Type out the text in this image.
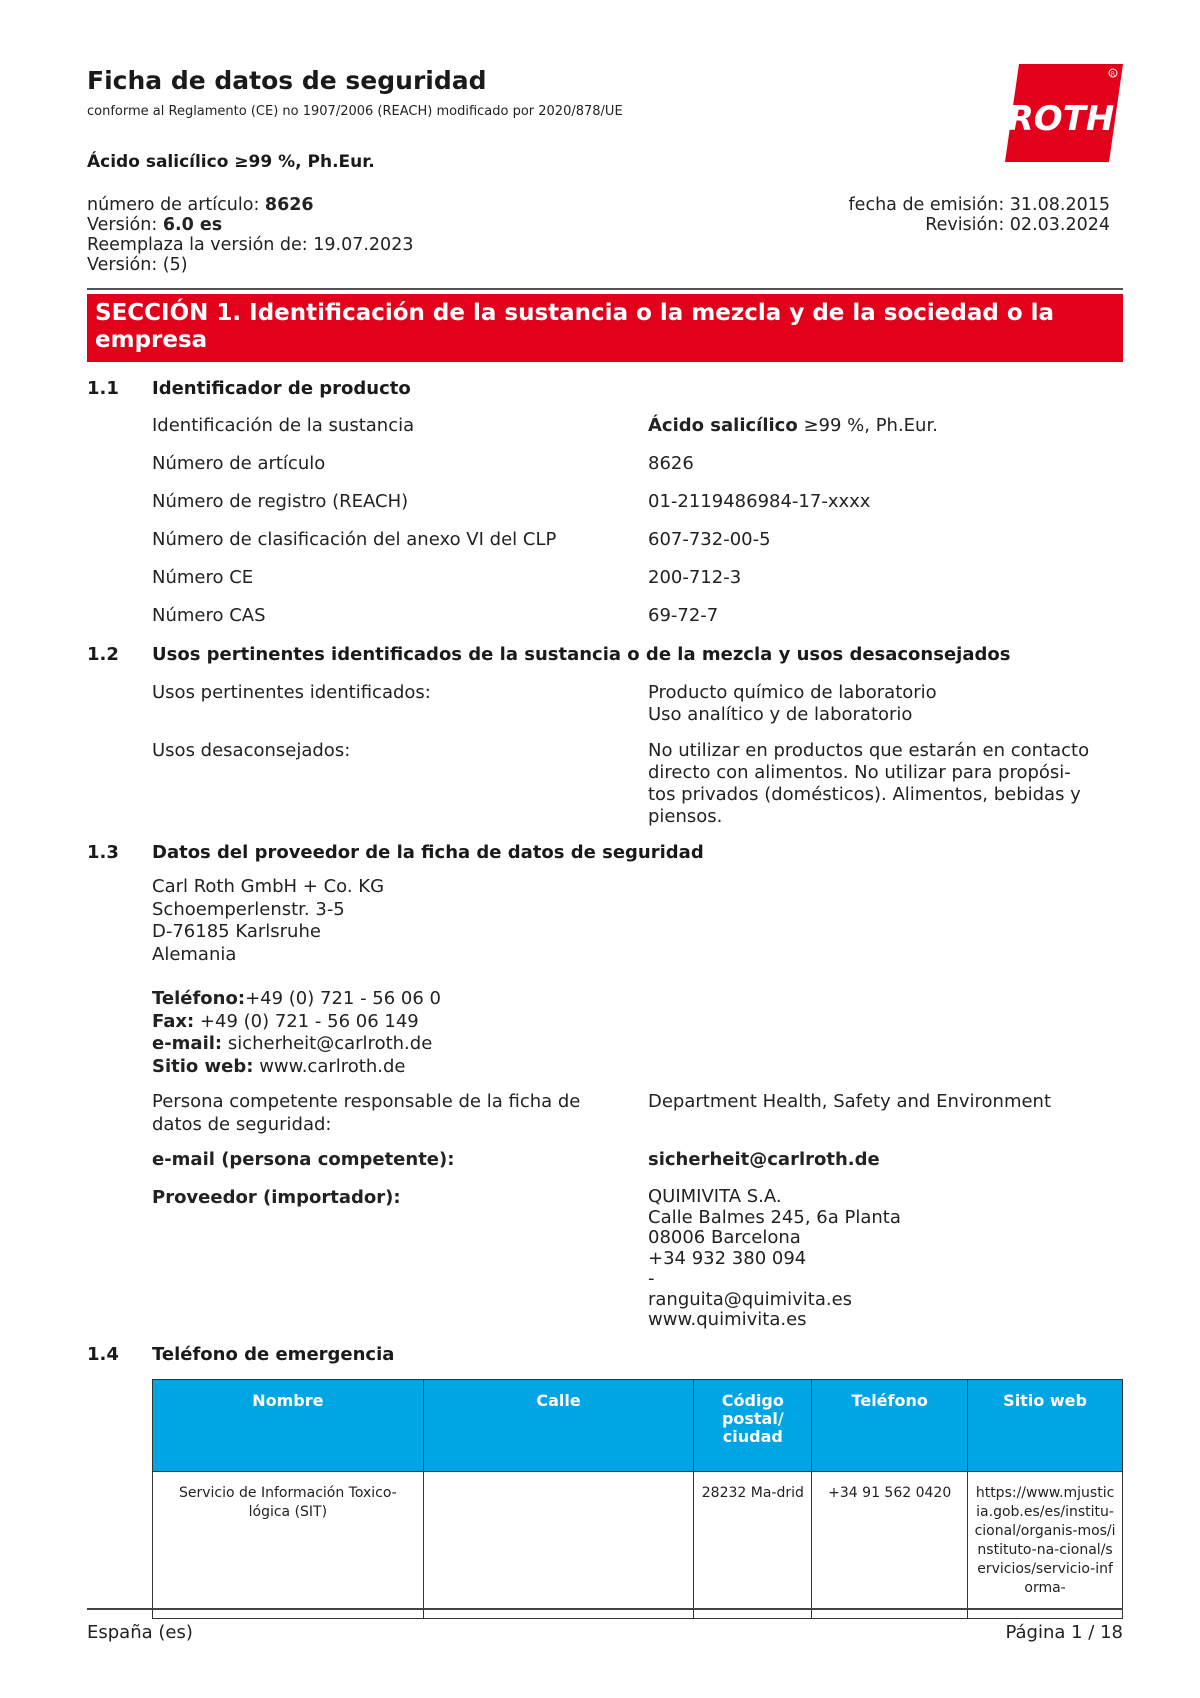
Ficha de datos de seguridad
conforme al Reglamento (CE) no 1907/2006 (REACH) modificado por 2020/878/UE
Ácido salicílico ≥99 %, Ph.Eur.
número de artículo: 8626
Versión: 6.0 es
Reemplaza la versión de: 19.07.2023
Versión: (5)
fecha de emisión: 31.08.2015
Revisión: 02.03.2024
ROTH
R
SECCIÓN 1. Identificación de la sustancia o la mezcla y de la sociedad o la empresa
1.1 Identificador de producto
Identificación de la sustancia	Ácido salicílico ≥99 %, Ph.Eur.
Número de artículo	8626
Número de registro (REACH)	01-2119486984-17-xxxx
Número de clasificación del anexo VI del CLP	607-732-00-5
Número CE	200-712-3
Número CAS	69-72-7
1.2 Usos pertinentes identificados de la sustancia o de la mezcla y usos desaconsejados
Usos pertinentes identificados:	Producto químico de laboratorio
Uso analítico y de laboratorio
Usos desaconsejados:	No utilizar en productos que estarán en contacto
directo con alimentos. No utilizar para propósi-
tos privados (domésticos). Alimentos, bebidas y
piensos.
1.3 Datos del proveedor de la ficha de datos de seguridad
Carl Roth GmbH + Co. KG
Schoemperlenstr. 3-5
D-76185 Karlsruhe
Alemania
Teléfono:+49 (0) 721 - 56 06 0
Fax: +49 (0) 721 - 56 06 149
e-mail: sicherheit@carlroth.de
Sitio web: www.carlroth.de
Persona competente responsable de la ficha de
datos de seguridad:
Department Health, Safety and Environment
e-mail (persona competente):	sicherheit@carlroth.de
Proveedor (importador):	QUIMIVITA S.A.
Calle Balmes 245, 6a Planta
08006 Barcelona
+34 932 380 094
-
ranguita@quimivita.es
www.quimivita.es
1.4 Teléfono de emergencia
Nombre	Calle	Código postal/ ciudad	Teléfono	Sitio web
Servicio de Información Toxico-lógica (SIT)		28232 Ma-drid	+34 91 562 0420	https://www.mjusticia.gob.es/es/institu-cional/organis-mos/instituto-na-cional/servicios/servicio-informa-
España (es)	Página 1 / 18
